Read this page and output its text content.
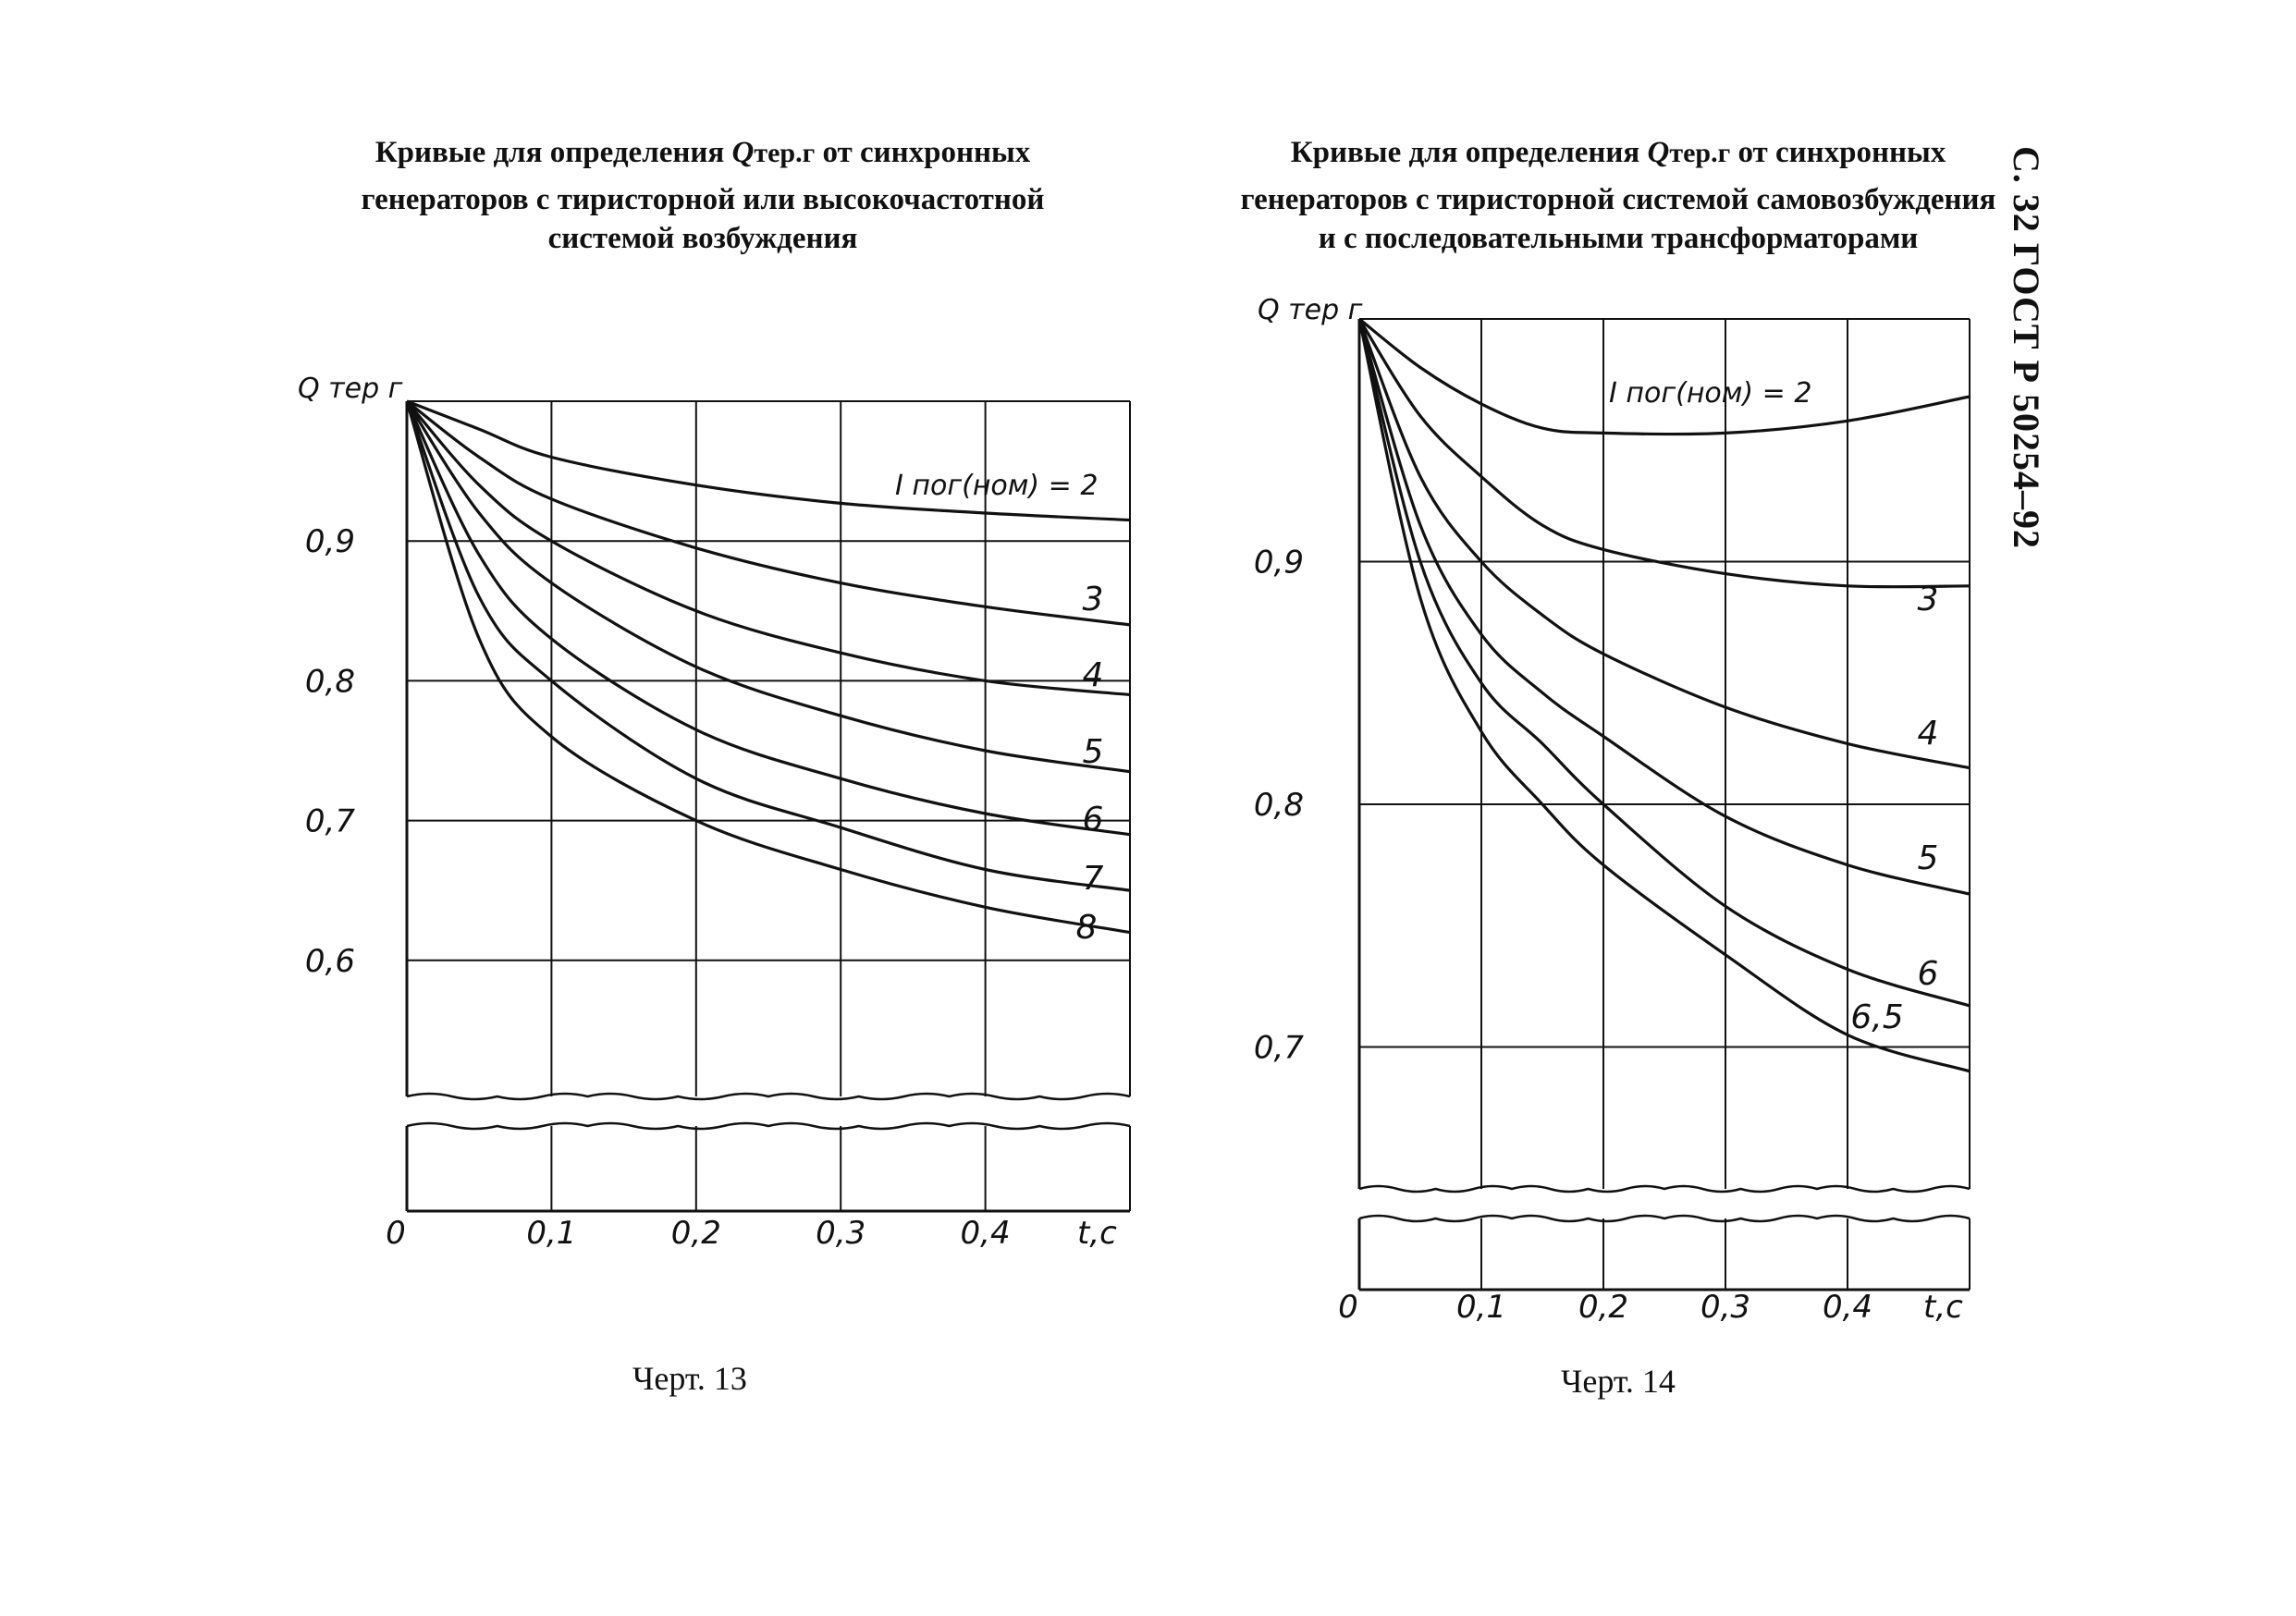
Кривые для определения Qтер.г от синхронных
генераторов с тиристорной или высокочастотной
системой возбуждения
Кривые для определения Qтер.г от синхронных
генераторов с тиристорной системой самовозбуждения
и с последовательными трансформаторами	С. 32 ГОСТ Р 50254–92
Черт. 13	Черт. 14
Q тер г
t,c
I пог(ном) = 2
Q тер г
t,c
I пог(ном) = 2
0,9
0,8
0,7
0,6
0	0,1	0,2	0,3	0,4
3
4
5
6
7
8
0,9
0,8
0,7
0	0,1 0,2 0,3 0,4
3
4
5
6
6,5
